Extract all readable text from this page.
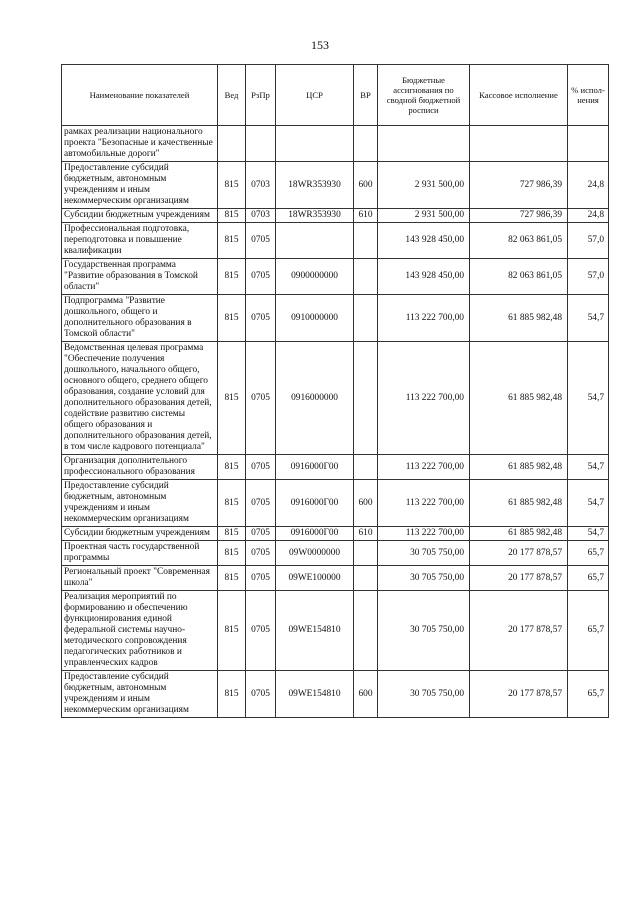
153
Наименование показателей	Вед	РзПр	ЦСР	ВР	Бюджетные ассигнования по сводной бюджетной росписи	Кассовое исполнение	% испол-нения
рамках реализации национального проекта "Безопасные и качественные автомобильные дороги"							
Предоставление субсидий бюджетным, автономным учреждениям и иным некоммерческим организациям	815	0703	18WR353930	600	2 931 500,00	727 986,39	24,8
Субсидии бюджетным учреждениям	815	0703	18WR353930	610	2 931 500,00	727 986,39	24,8
Профессиональная подготовка, переподготовка и повышение квалификации	815	0705			143 928 450,00	82 063 861,05	57,0
Государственная программа "Развитие образования в Томской области"	815	0705	0900000000		143 928 450,00	82 063 861,05	57,0
Подпрограмма "Развитие дошкольного, общего и дополнительного образования в Томской области"	815	0705	0910000000		113 222 700,00	61 885 982,48	54,7
Ведомственная целевая программа "Обеспечение получения дошкольного, начального общего, основного общего, среднего общего образования, создание условий для дополнительного образования детей, содействие развитию системы общего образования и дополнительного образования детей, в том числе кадрового потенциала"	815	0705	0916000000		113 222 700,00	61 885 982,48	54,7
Организация дополнительного профессионального образования	815	0705	0916000Г00		113 222 700,00	61 885 982,48	54,7
Предоставление субсидий бюджетным, автономным учреждениям и иным некоммерческим организациям	815	0705	0916000Г00	600	113 222 700,00	61 885 982,48	54,7
Субсидии бюджетным учреждениям	815	0705	0916000Г00	610	113 222 700,00	61 885 982,48	54,7
Проектная часть государственной программы	815	0705	09W0000000		30 705 750,00	20 177 878,57	65,7
Региональный проект "Современная школа"	815	0705	09WE100000		30 705 750,00	20 177 878,57	65,7
Реализация мероприятий по формированию и обеспечению функционирования единой федеральной системы научно-методического сопровождения педагогических работников и управленческих кадров	815	0705	09WE154810		30 705 750,00	20 177 878,57	65,7
Предоставление субсидий бюджетным, автономным учреждениям и иным некоммерческим организациям	815	0705	09WE154810	600	30 705 750,00	20 177 878,57	65,7
